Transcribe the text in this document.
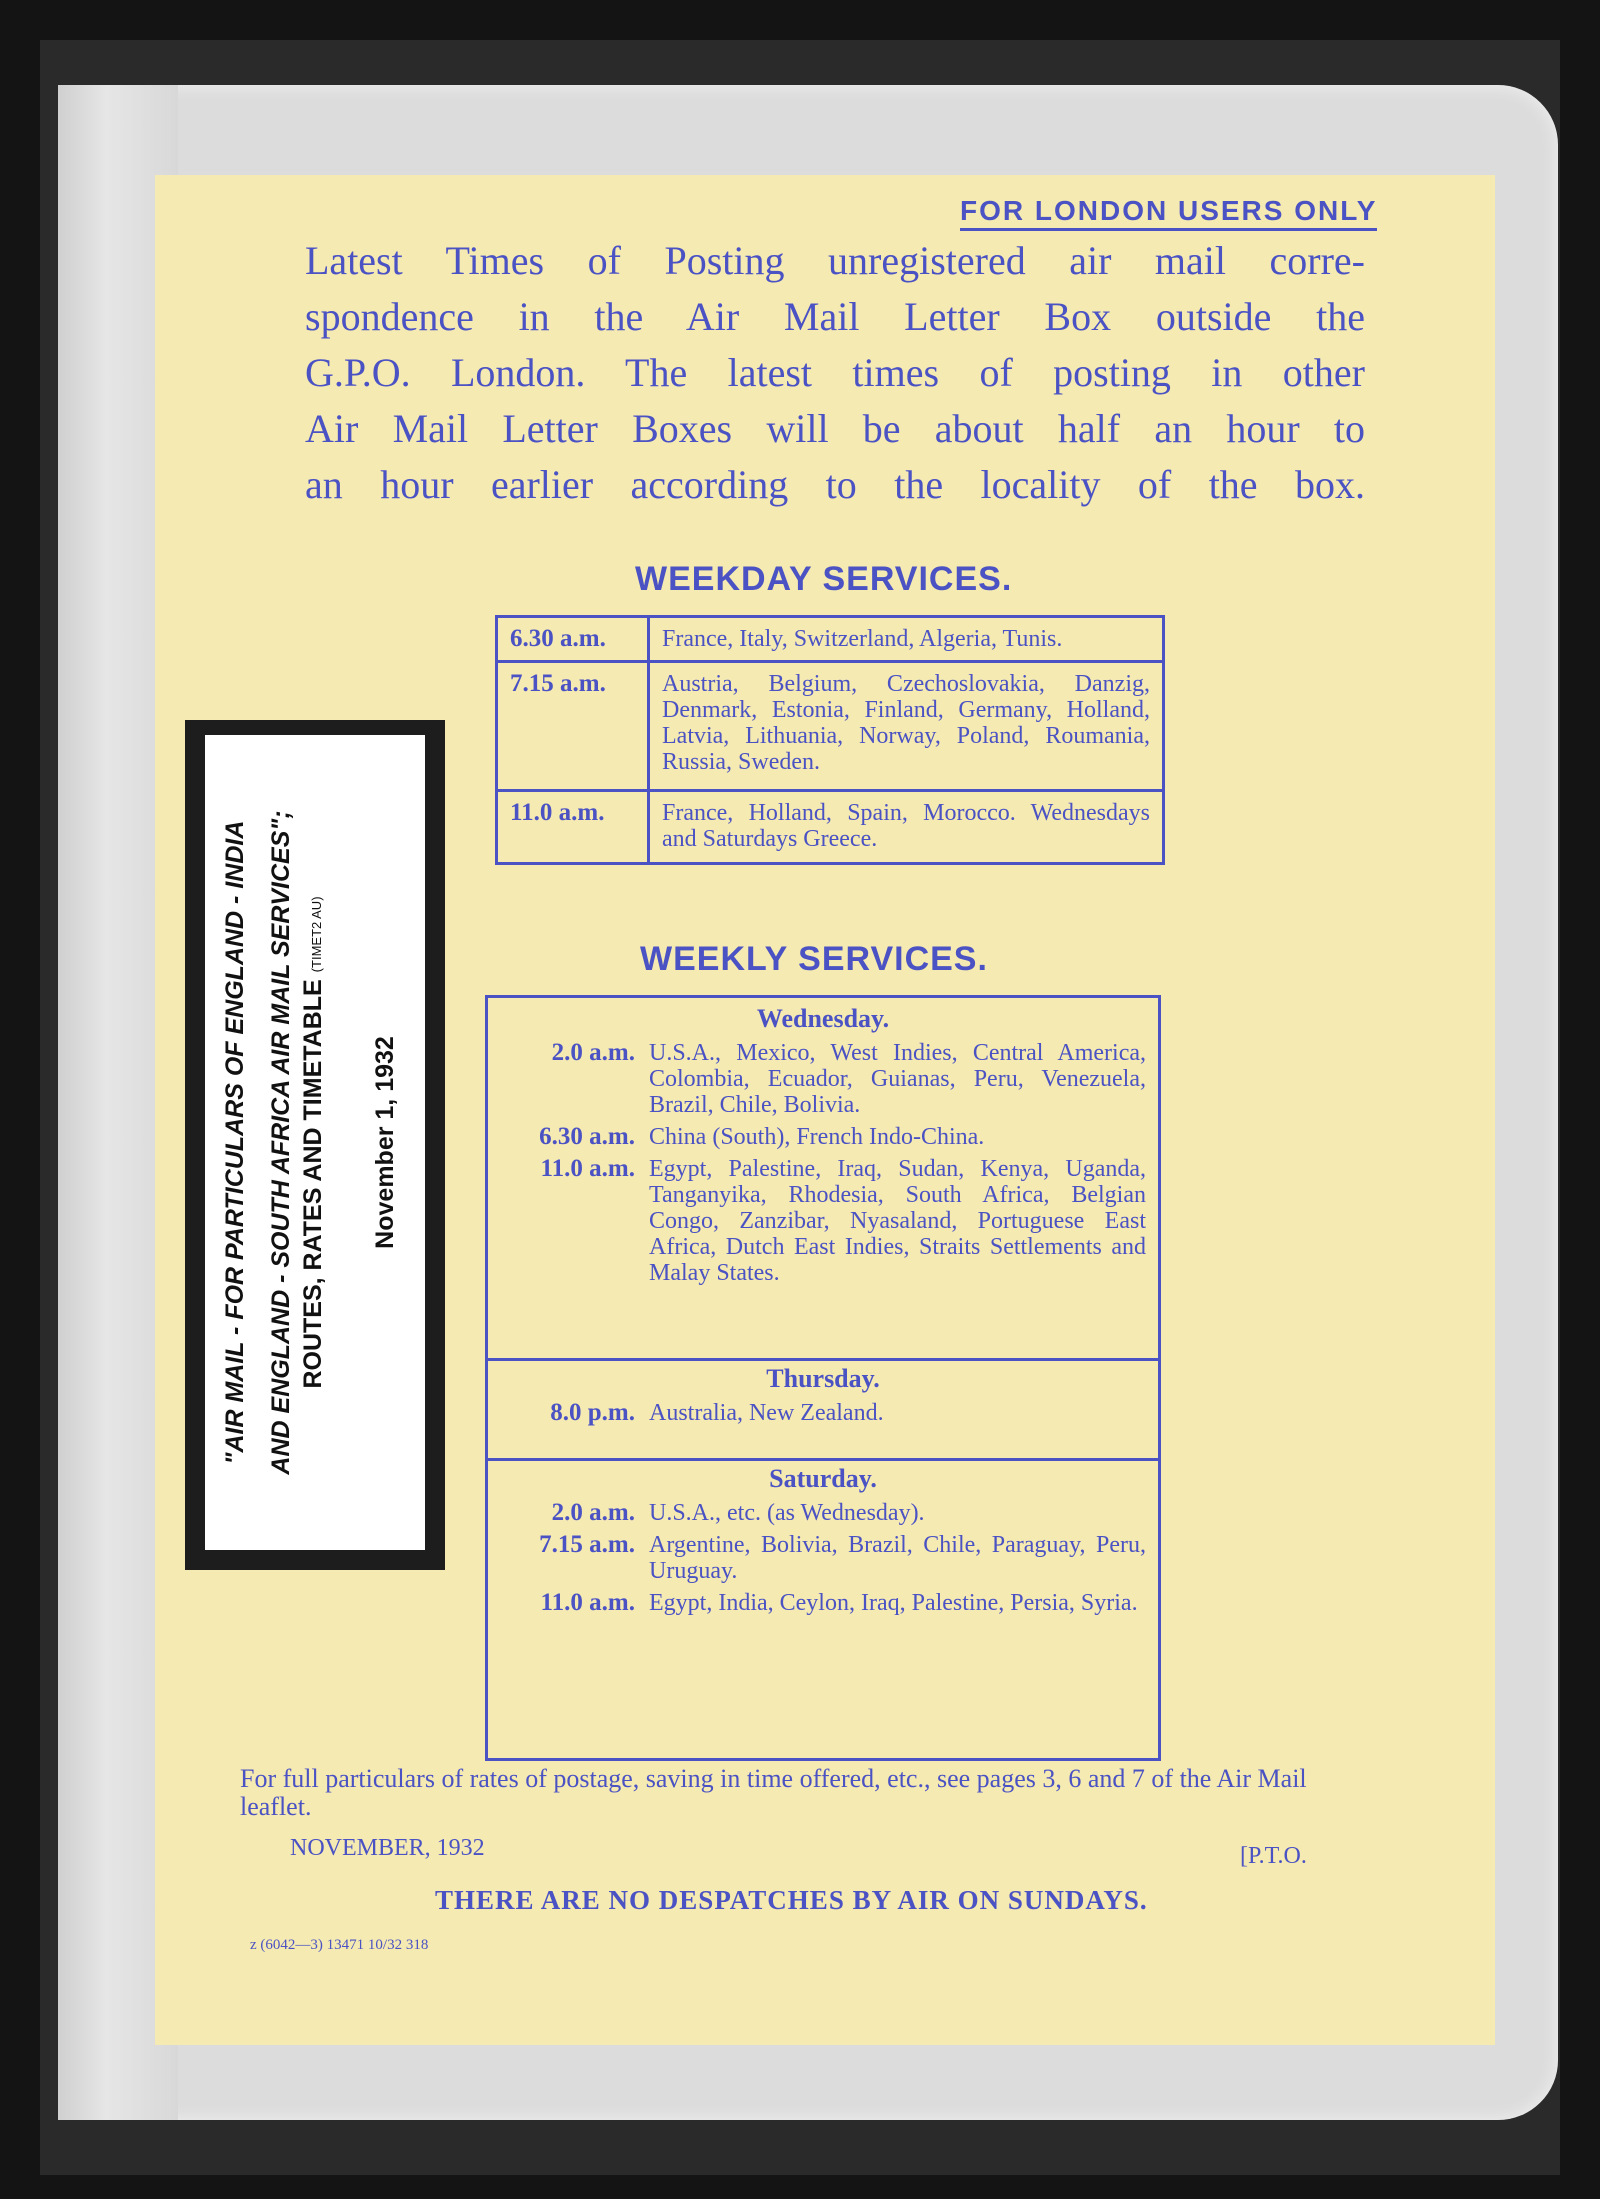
FOR LONDON USERS ONLY
Latest Times of Posting unregistered air mail corre-
spondence in the Air Mail Letter Box outside the
G.P.O. London. The latest times of posting in other
Air Mail Letter Boxes will be about half an hour to
an hour earlier according to the locality of the box.
WEEKDAY SERVICES.
6.30 a.m.	France, Italy, Switzerland, Algeria, Tunis.
7.15 a.m.	Austria, Belgium, Czechoslovakia, Danzig, Denmark, Estonia, Finland, Germany, Holland, Latvia, Lithuania, Norway, Poland, Roumania, Russia, Sweden.
11.0 a.m.	France, Holland, Spain, Morocco. Wednesdays and Saturdays Greece.
WEEKLY SERVICES.
Wednesday.
2.0 a.m. U.S.A., Mexico, West Indies, Central America, Colombia, Ecuador, Guianas, Peru, Venezuela, Brazil, Chile, Bolivia.
6.30 a.m. China (South), French Indo-China.
11.0 a.m. Egypt, Palestine, Iraq, Sudan, Kenya, Uganda, Tanganyika, Rhodesia, South Africa, Belgian Congo, Zanzibar, Nyasaland, Portuguese East Africa, Dutch East Indies, Straits Settlements and Malay States.
Thursday.
8.0 p.m. Australia, New Zealand.
Saturday.
2.0 a.m. U.S.A., etc. (as Wednesday).
7.15 a.m. Argentine, Bolivia, Brazil, Chile, Paraguay, Peru, Uruguay.
11.0 a.m. Egypt, India, Ceylon, Iraq, Palestine, Persia, Syria.
For full particulars of rates of postage, saving in time offered, etc., see pages 3, 6 and 7 of the Air Mail leaflet.
NOVEMBER, 1932	[P.T.O.
THERE ARE NO DESPATCHES BY AIR ON SUNDAYS.
z (6042—3) 13471 10/32 318
"AIR MAIL - FOR PARTICULARS OF ENGLAND - INDIA AND ENGLAND - SOUTH AFRICA AIR MAIL SERVICES"; ROUTES, RATES AND TIMETABLE (TIMET2 AU)
November 1, 1932
